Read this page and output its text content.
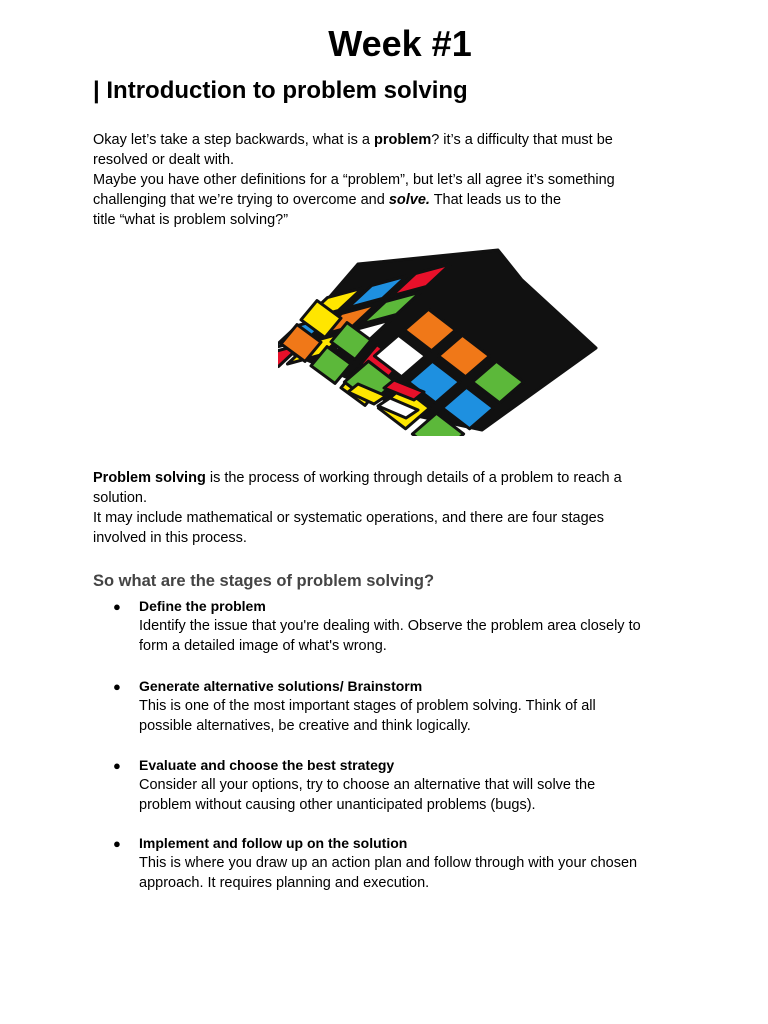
Week #1
| Introduction to problem solving
Okay let’s take a step backwards, what is a problem? it’s a difficulty that must be
resolved or dealt with.
Maybe you have other definitions for a “problem”, but let’s all agree it’s something
challenging that we’re trying to overcome and solve. That leads us to the
title “what is problem solving?”
Problem solving is the process of working through details of a problem to reach a
solution.
It may include mathematical or systematic operations, and there are four stages
involved in this process.
So what are the stages of problem solving?
● Define the problem
Identify the issue that you're dealing with. Observe the problem area closely to
form a detailed image of what's wrong.
● Generate alternative solutions/ Brainstorm
This is one of the most important stages of problem solving. Think of all
possible alternatives, be creative and think logically.
● Evaluate and choose the best strategy
Consider all your options, try to choose an alternative that will solve the
problem without causing other unanticipated problems (bugs).
● Implement and follow up on the solution
This is where you draw up an action plan and follow through with your chosen
approach. It requires planning and execution.
